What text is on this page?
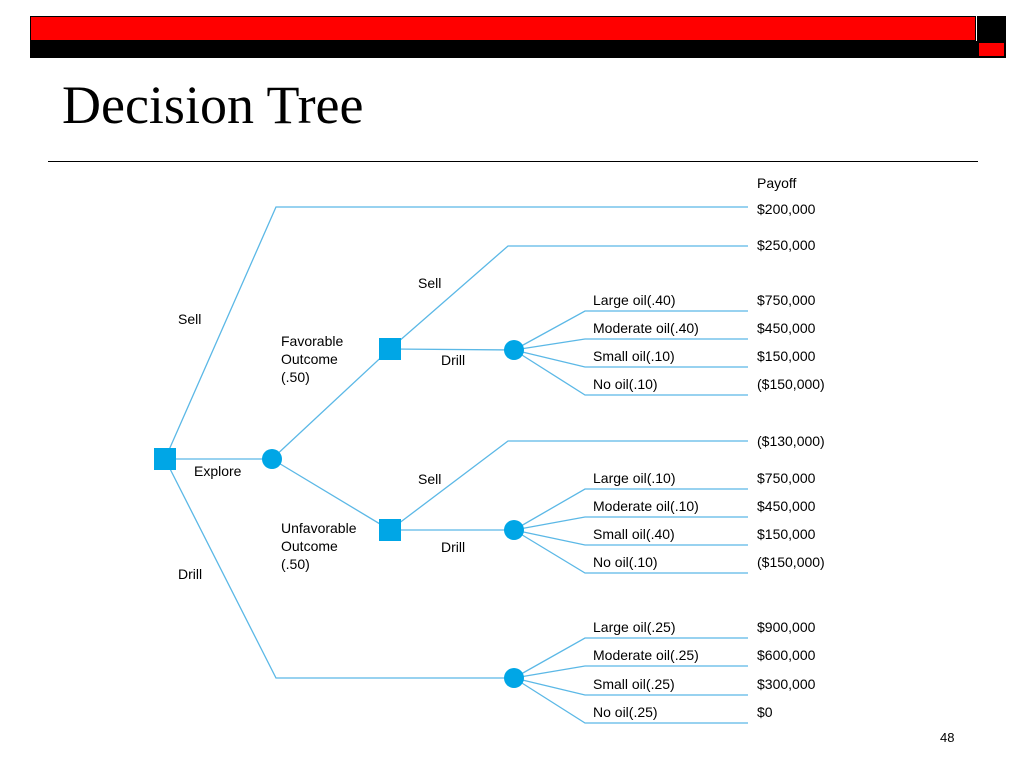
Decision Tree
Large oil(.40)	$750,000
Moderate oil(.40)	$450,000
Small oil(.10)	$150,000
No oil(.10)	($150,000)
Large oil(.10)	$750,000
Moderate oil(.10)	$450,000
Small oil(.40)	$150,000
No oil(.10)	($150,000)
Large oil(.25)	$900,000
Moderate oil(.25)	$600,000
Small oil(.25)	$300,000
No oil(.25)	$0
Payoff
$200,000
Sell
Explore
Drill
Favorable Outcome (.50)
Sell
$250,000
Drill
Unfavorable Outcome (.50)
Sell
($130,000)
Drill
48
